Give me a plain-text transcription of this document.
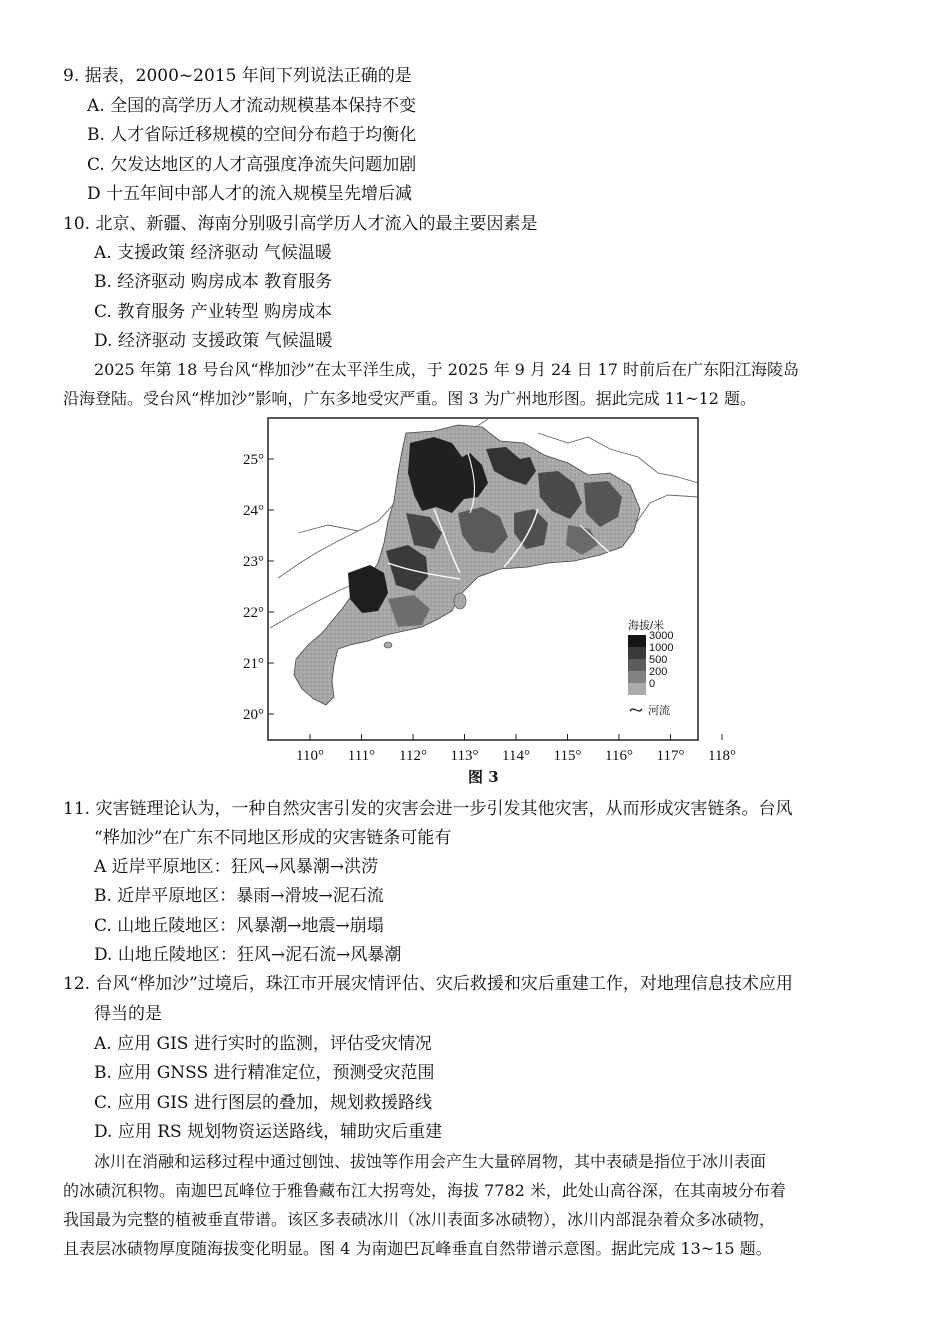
9. 据表，2000~2015 年间下列说法正确的是
A. 全国的高学历人才流动规模基本保持不变
B. 人才省际迁移规模的空间分布趋于均衡化
C. 欠发达地区的人才高强度净流失问题加剧
D 十五年间中部人才的流入规模呈先增后减
10. 北京、新疆、海南分别吸引高学历人才流入的最主要因素是
A. 支援政策 经济驱动 气候温暖
B. 经济驱动 购房成本 教育服务
C. 教育服务 产业转型 购房成本
D. 经济驱动 支援政策 气候温暖
2025 年第 18 号台风“桦加沙”在太平洋生成，于 2025 年 9 月 24 日 17 时前后在广东阳江海陵岛
沿海登陆。受台风“桦加沙”影响，广东多地受灾严重。图 3 为广州地形图。据此完成 11~12 题。
25°
24°
23°
22°
21°
20°
110° 111° 112° 113° 114° 115° 116° 117° 118°
海拔/米
3000
1000
500
200
0
河流
图 3
11. 灾害链理论认为，一种自然灾害引发的灾害会进一步引发其他灾害，从而形成灾害链条。台风
“桦加沙”在广东不同地区形成的灾害链条可能有
A 近岸平原地区：狂风→风暴潮→洪涝
B. 近岸平原地区：暴雨→滑坡→泥石流
C. 山地丘陵地区：风暴潮→地震→崩塌
D. 山地丘陵地区：狂风→泥石流→风暴潮
12. 台风“桦加沙”过境后，珠江市开展灾情评估、灾后救援和灾后重建工作，对地理信息技术应用
得当的是
A. 应用 GIS 进行实时的监测，评估受灾情况
B. 应用 GNSS 进行精准定位，预测受灾范围
C. 应用 GIS 进行图层的叠加，规划救援路线
D. 应用 RS 规划物资运送路线，辅助灾后重建
冰川在消融和运移过程中通过刨蚀、拔蚀等作用会产生大量碎屑物，其中表碛是指位于冰川表面
的冰碛沉积物。南迦巴瓦峰位于雅鲁藏布江大拐弯处，海拔 7782 米，此处山高谷深，在其南坡分布着
我国最为完整的植被垂直带谱。该区多表碛冰川（冰川表面多冰碛物），冰川内部混杂着众多冰碛物，
且表层冰碛物厚度随海拔变化明显。图 4 为南迦巴瓦峰垂直自然带谱示意图。据此完成 13~15 题。
